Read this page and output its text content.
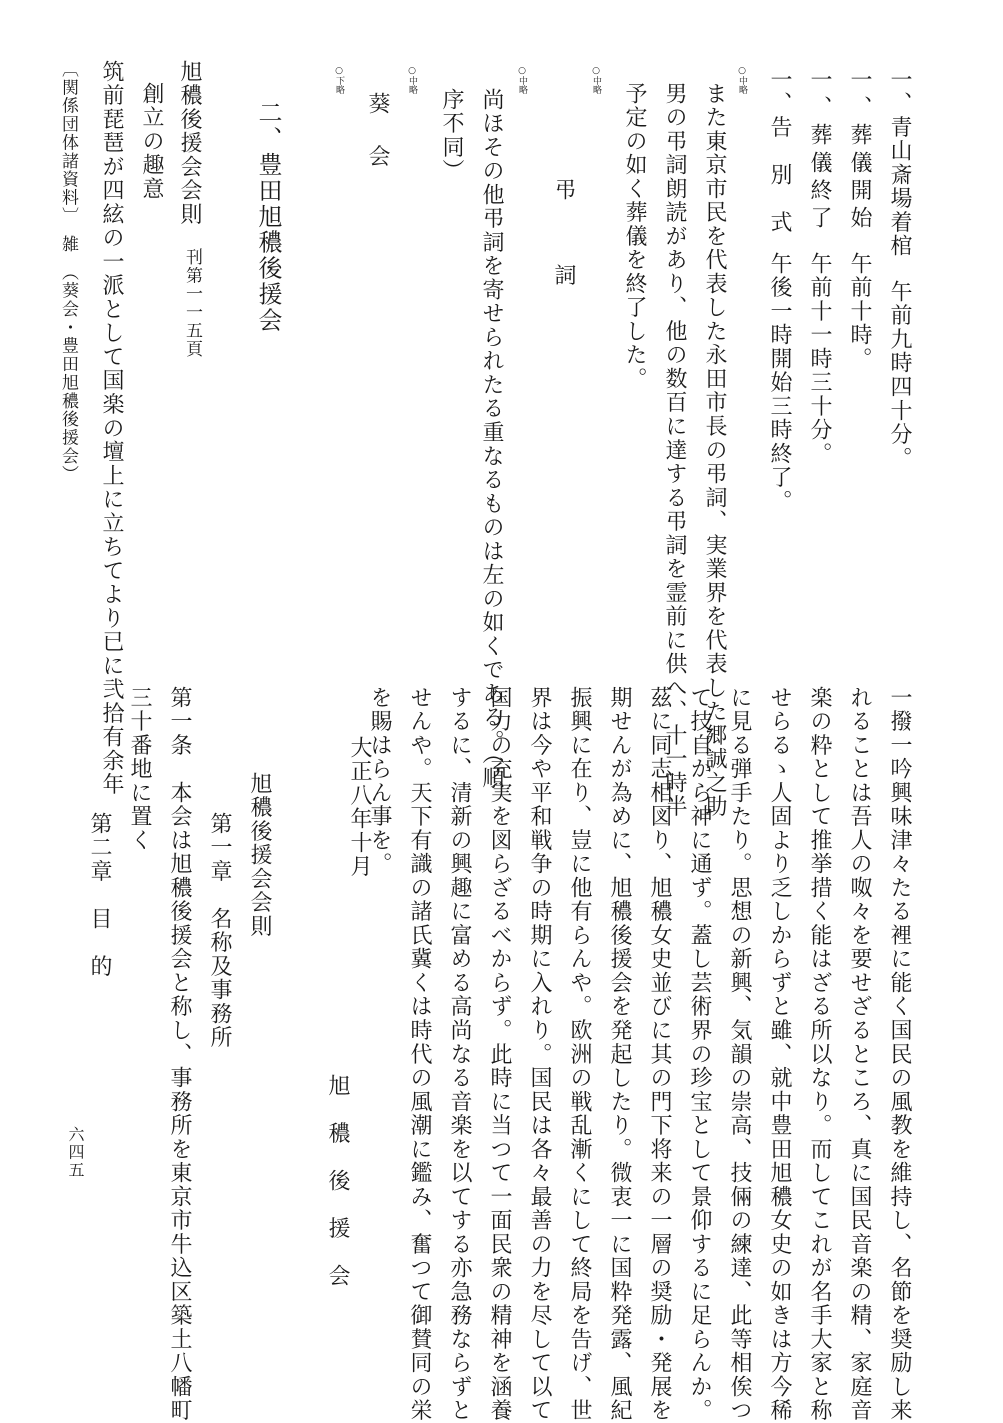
一、青山斎場着棺午前九時四十分。
一、葬儀開始午前十時。
一、葬儀終了午前十一時三十分。
一、告　別　式午後一時開始三時終了。
○中略
また東京市民を代表した永田市長の弔詞、実業界を代表した郷誠之助
男の弔詞朗読があり、他の数百に達する弔詞を霊前に供へ、十一時半
予定の如く葬儀を終了した。
○中略
弔　　詞
○中略
尚ほその他弔詞を寄せられたる重なるものは左の如くである。（順
序不同）
○中略
葵　会
○下略
二、豊田旭穠後援会
旭穠後援会会則
刊第一一五頁
創立の趣意
筑前琵琶が四絃の一派として国楽の壇上に立ちてより已に弐拾有余年
〔関係団体諸資料〕　雑　（葵会・豊田旭穠後援会）
一撥一吟興味津々たる裡に能く国民の風教を維持し、名節を奨励し来
れることは吾人の呶々を要せざるところ、真に国民音楽の精、家庭音
楽の粋として推挙措く能はざる所以なり。而してこれが名手大家と称
せらるゝ人固より乏しからずと雖、就中豊田旭穠女史の如きは方今稀
に見る弾手たり。思想の新興、気韻の崇高、技倆の練達、此等相俟つ
て技自から神に通ず。蓋し芸術界の珍宝として景仰するに足らんか。
茲に同志相図り、旭穠女史並びに其の門下将来の一層の奨励・発展を
期せんが為めに、旭穠後援会を発起したり。微衷一に国粋発露、風紀
振興に在り、豈に他有らんや。欧洲の戦乱漸くにして終局を告げ、世
界は今や平和戦争の時期に入れり。国民は各々最善の力を尽して以て
国力の充実を図らざるべからず。此時に当つて一面民衆の精神を涵養
するに、清新の興趣に富める高尚なる音楽を以てする亦急務ならずと
せんや。天下有識の諸氏冀くは時代の風潮に鑑み、奮つて御賛同の栄
を賜はらん事を。
大正八年十月
旭　穠　後　援　会
旭穠後援会会則
第一章　名称及事務所
第一条　本会は旭穠後援会と称し、事務所を東京市牛込区築土八幡町
三十番地に置く
第二章　目　的
六四五
